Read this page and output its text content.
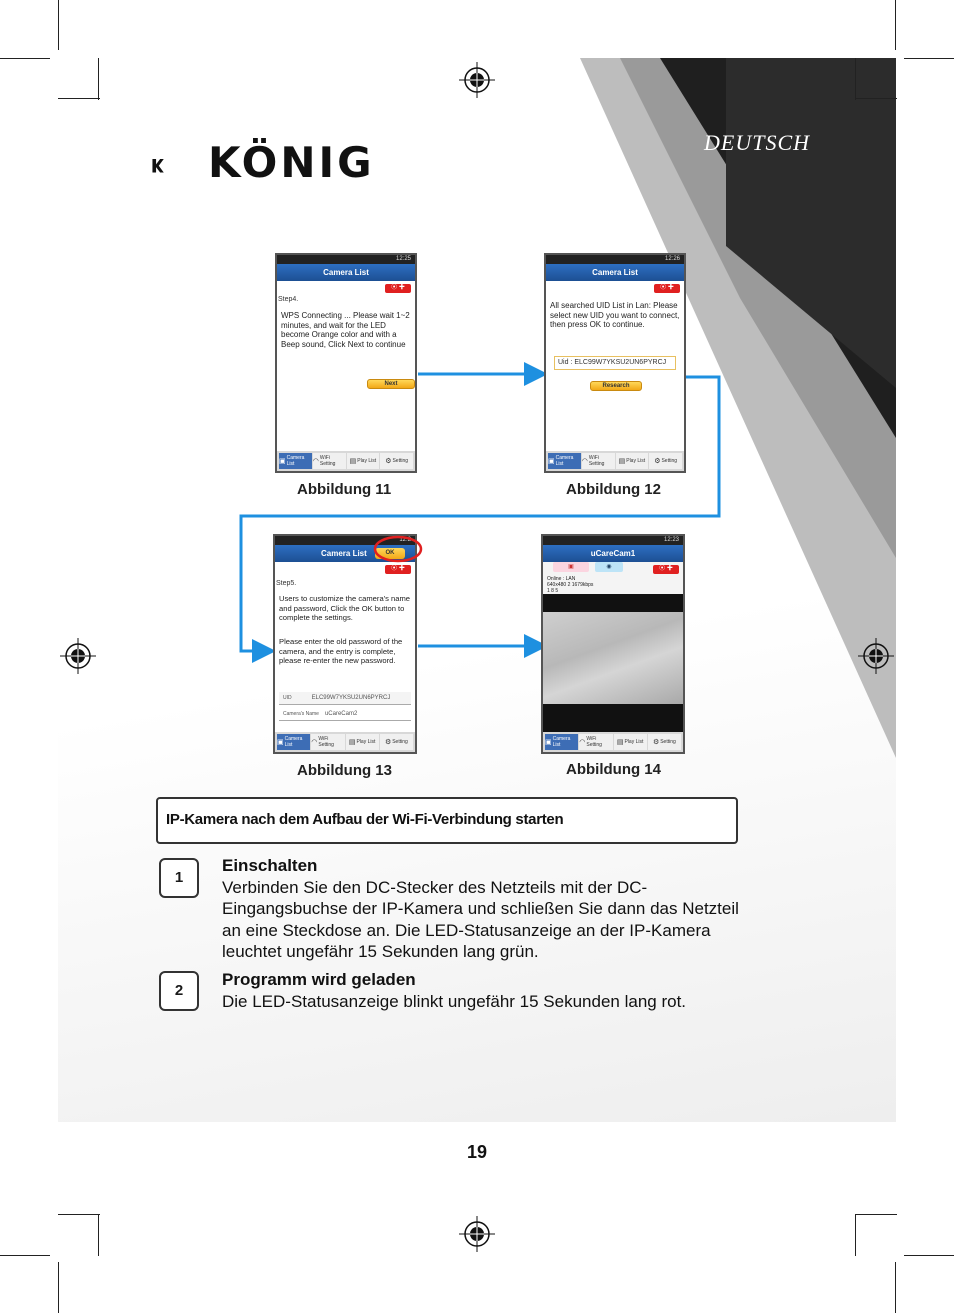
KÖNIG	DEUTSCH
12:25
Camera List
⦿ ✚
Step4.
WPS Connecting ... Please wait 1~2 minutes, and wait for the LED become Orange color and with a Beep sound, Click Next to continue
Next
▣ Camera List	◠ WiFi Setting	▤ Play List ⚙ Setting
Abbildung 11
12:26
Camera List
⦿ ✚
All searched UID List in Lan: Please select new UID you want to connect, then press OK to continue.
Uid : ELC99W7YKSU2UN6PYRCJ
Research
▣ Camera List	◠ WiFi Setting	▤ Play List ⚙ Setting
Abbildung 12
12:2
Camera List	OK
⦿ ✚
Step5.
Users to customize the camera's name and password, Click the OK button to complete the settings.
Please enter the old password of the camera, and the entry is complete, please re-enter the new password.
UID	ELC99W7YKSU2UN6PYRCJ
Camera's Name uCareCam2
▣ Camera List	◠ WiFi Setting	▤ Play List ⚙ Setting
Abbildung 13
12:23
uCareCam1
⦿ ✚
▣	◉
Online : LAN
640x480 2 1679kbps
1 8 5
▣ Camera List	◠ WiFi Setting	▤ Play List ⚙ Setting
Abbildung 14
IP-Kamera nach dem Aufbau der Wi-Fi-Verbindung starten
1
Einschalten
Verbinden Sie den DC-Stecker des Netzteils mit der DC-Eingangsbuchse der IP-Kamera und schließen Sie dann das Netzteil an eine Steckdose an. Die LED-Statusanzeige an der IP-Kamera leuchtet ungefähr 15 Sekunden lang grün.
2
Programm wird geladen
Die LED-Statusanzeige blinkt ungefähr 15 Sekunden lang rot.
19
